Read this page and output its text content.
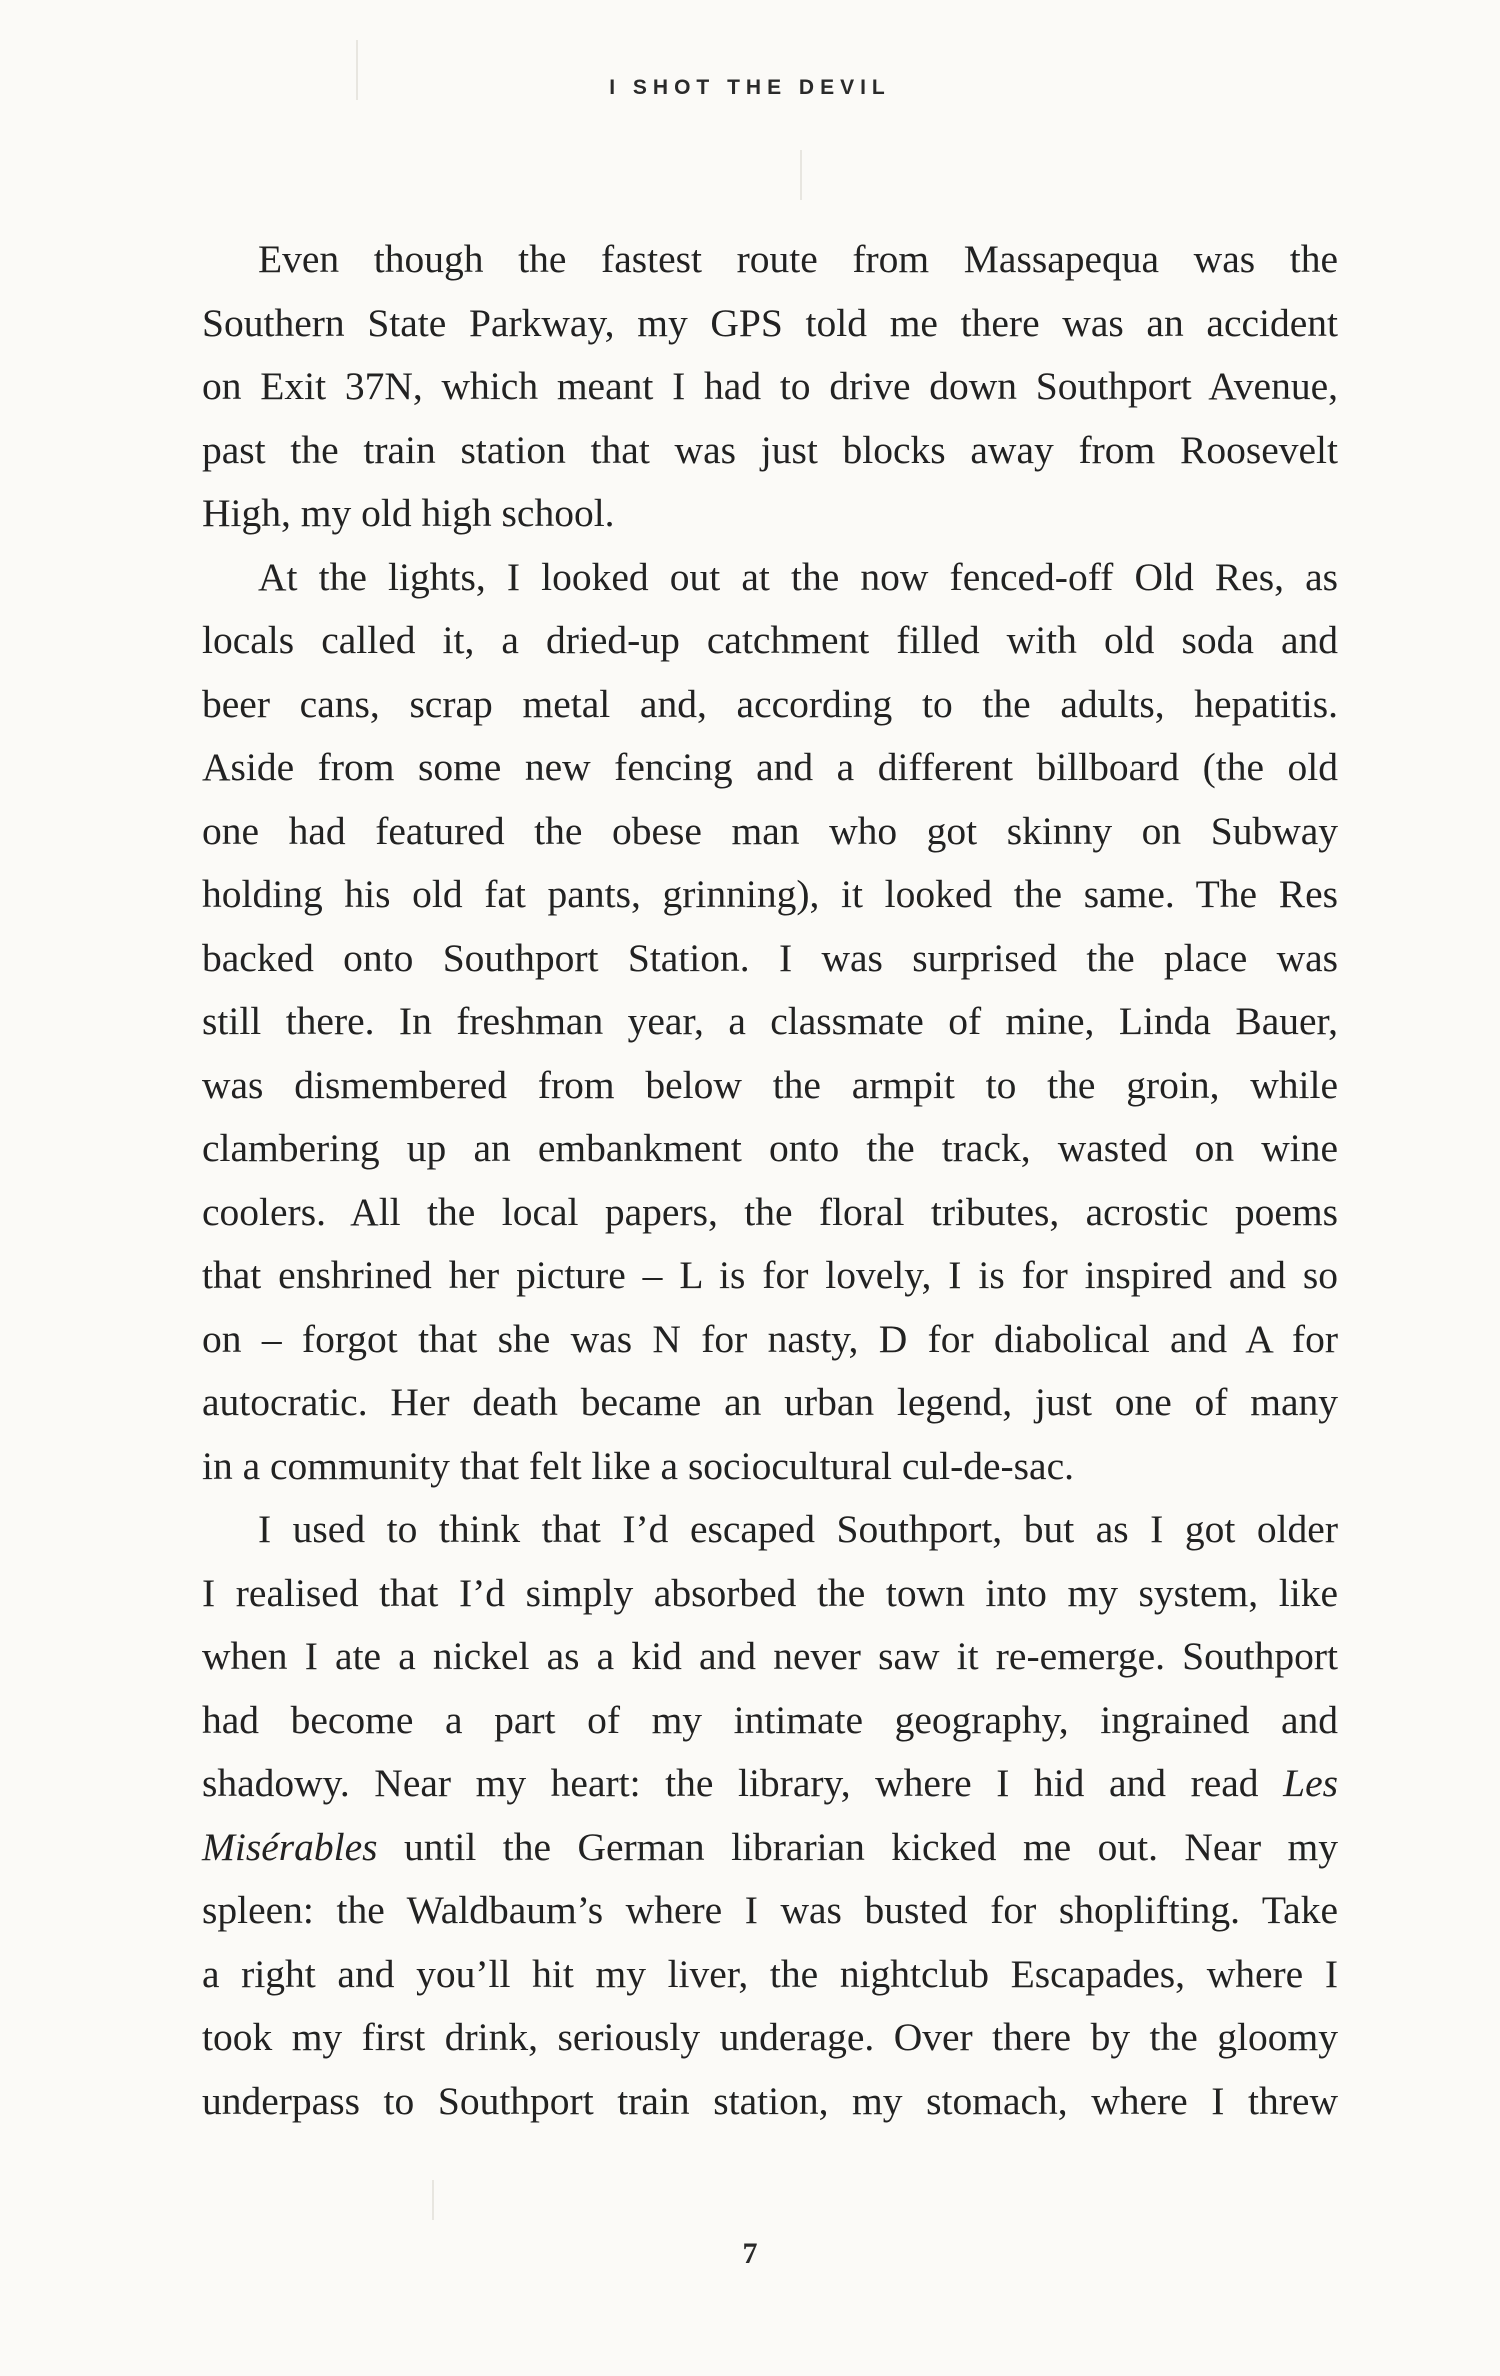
I SHOT THE DEVIL
Even though the fastest route from Massapequa was the
Southern State Parkway, my GPS told me there was an accident
on Exit 37N, which meant I had to drive down Southport Avenue,
past the train station that was just blocks away from Roosevelt
High, my old high school.
At the lights, I looked out at the now fenced-off Old Res, as
locals called it, a dried-up catchment filled with old soda and
beer cans, scrap metal and, according to the adults, hepatitis.
Aside from some new fencing and a different billboard (the old
one had featured the obese man who got skinny on Subway
holding his old fat pants, grinning), it looked the same. The Res
backed onto Southport Station. I was surprised the place was
still there. In freshman year, a classmate of mine, Linda Bauer,
was dismembered from below the armpit to the groin, while
clambering up an embankment onto the track, wasted on wine
coolers. All the local papers, the floral tributes, acrostic poems
that enshrined her picture – L is for lovely, I is for inspired and so
on – forgot that she was N for nasty, D for diabolical and A for
autocratic. Her death became an urban legend, just one of many
in a community that felt like a sociocultural cul-de-sac.
I used to think that I’d escaped Southport, but as I got older
I realised that I’d simply absorbed the town into my system, like
when I ate a nickel as a kid and never saw it re-emerge. Southport
had become a part of my intimate geography, ingrained and
shadowy. Near my heart: the library, where I hid and read Les
Misérables until the German librarian kicked me out. Near my
spleen: the Waldbaum’s where I was busted for shoplifting. Take
a right and you’ll hit my liver, the nightclub Escapades, where I
took my first drink, seriously underage. Over there by the gloomy
underpass to Southport train station, my stomach, where I threw
7
